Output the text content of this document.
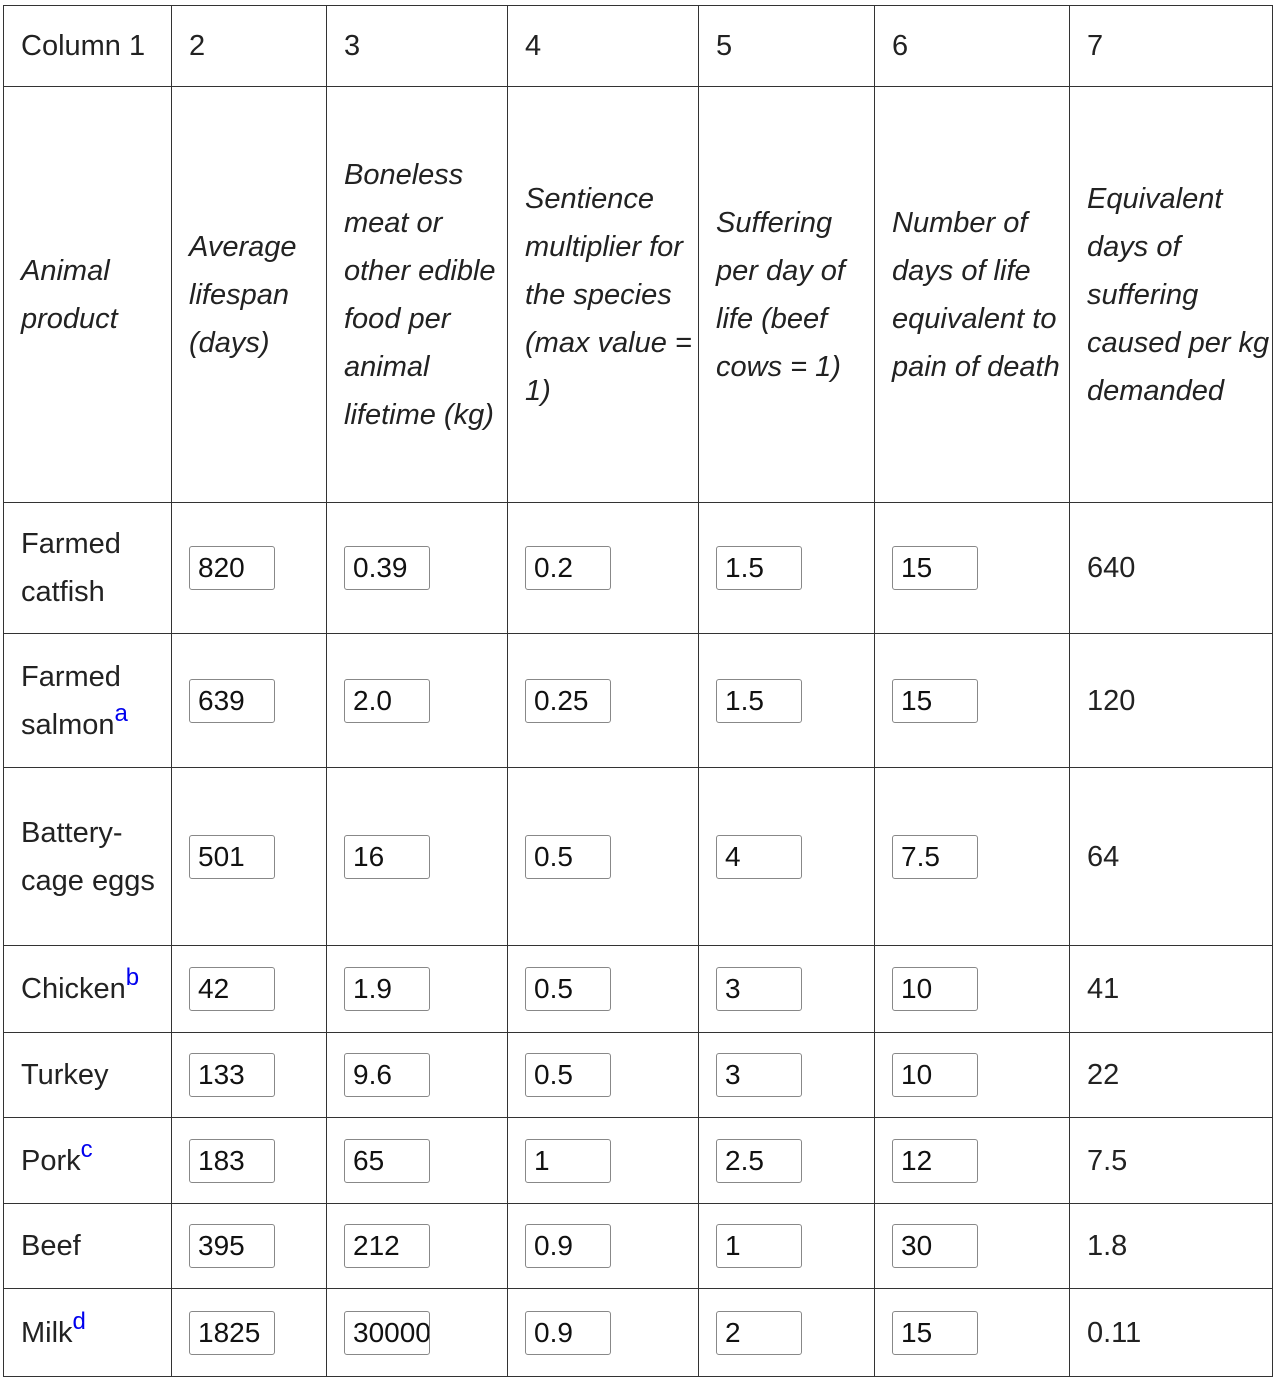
Column 1	2	3	4	5	6	7
Animal product	Average lifespan (days)	Boneless meat or other edible food per animal lifetime (kg)	Sentience multiplier for the species (max value = 1)	Suffering per day of life (beef cows = 1)	Number of days of life equivalent to pain of death	Equivalent days of suffering caused per kg demanded
Farmed catfish	820	0.39	0.2	1.5	15	640
Farmed salmon$^a$	639	2.0	0.25	1.5	15	120
Battery-cage eggs	501	16	0.5	4	7.5	64
Chicken$^b$	42	1.9	0.5	3	10	41
Turkey	133	9.6	0.5	3	10	22
Pork$^c$	183	65	1	2.5	12	7.5
Beef	395	212	0.9	1	30	1.8
Milk$^d$	1825	30000	0.9	2	15	0.11
